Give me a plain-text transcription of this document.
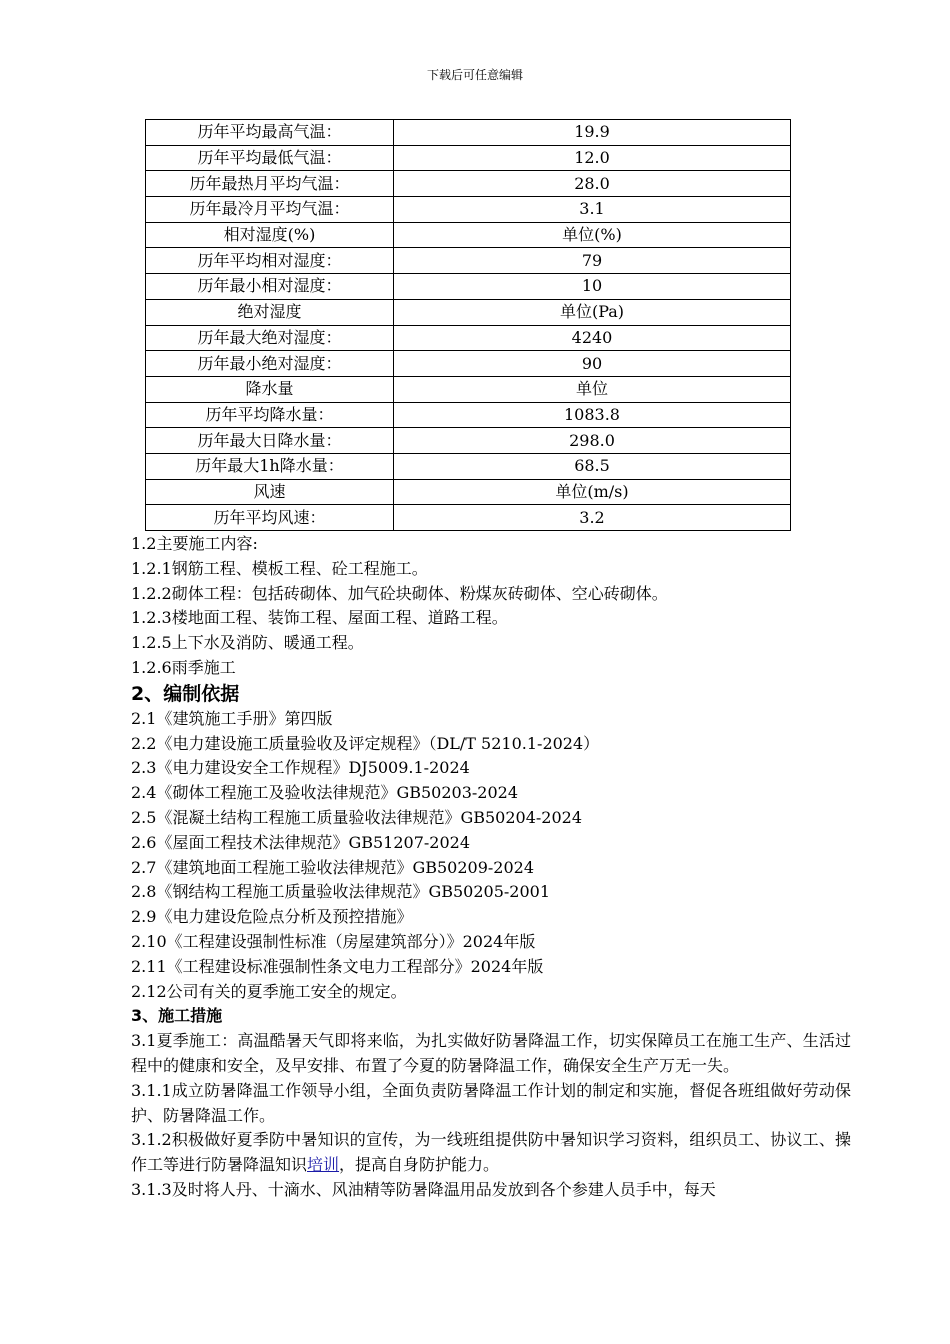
下载后可任意编辑
历年平均最高气温：	19.9
历年平均最低气温：	12.0
历年最热月平均气温：	28.0
历年最冷月平均气温：	3.1
相对湿度(%)	单位(%)
历年平均相对湿度：	79
历年最小相对湿度：	10
绝对湿度	单位(Pa)
历年最大绝对湿度：	4240
历年最小绝对湿度：	90
降水量	单位
历年平均降水量：	1083.8
历年最大日降水量：	298.0
历年最大1h降水量：	68.5
风速	单位(m/s)
历年平均风速：	3.2
1.2主要施工内容:
1.2.1钢筋工程、模板工程、砼工程施工。
1.2.2砌体工程：包括砖砌体、加气砼块砌体、粉煤灰砖砌体、空心砖砌体。
1.2.3楼地面工程、装饰工程、屋面工程、道路工程。
1.2.5上下水及消防、暖通工程。
1.2.6雨季施工
2、编制依据
2.1《建筑施工手册》第四版
2.2《电力建设施工质量验收及评定规程》（DL/T 5210.1-2024）
2.3《电力建设安全工作规程》DJ5009.1-2024
2.4《砌体工程施工及验收法律规范》GB50203-2024
2.5《混凝土结构工程施工质量验收法律规范》GB50204-2024
2.6《屋面工程技术法律规范》GB51207-2024
2.7《建筑地面工程施工验收法律规范》GB50209-2024
2.8《钢结构工程施工质量验收法律规范》GB50205-2001
2.9《电力建设危险点分析及预控措施》
2.10《工程建设强制性标准（房屋建筑部分）》2024年版
2.11《工程建设标准强制性条文电力工程部分》2024年版
2.12公司有关的夏季施工安全的规定。
3、施工措施
3.1夏季施工：高温酷暑天气即将来临，为扎实做好防暑降温工作，切实保障员工在施工生产、生活过程中的健康和安全，及早安排、布置了今夏的防暑降温工作，确保安全生产万无一失。
3.1.1成立防暑降温工作领导小组，全面负责防暑降温工作计划的制定和实施，督促各班组做好劳动保护、防暑降温工作。
3.1.2积极做好夏季防中暑知识的宣传，为一线班组提供防中暑知识学习资料，组织员工、协议工、操作工等进行防暑降温知识培训，提高自身防护能力。
3.1.3及时将人丹、十滴水、风油精等防暑降温用品发放到各个参建人员手中，每天
